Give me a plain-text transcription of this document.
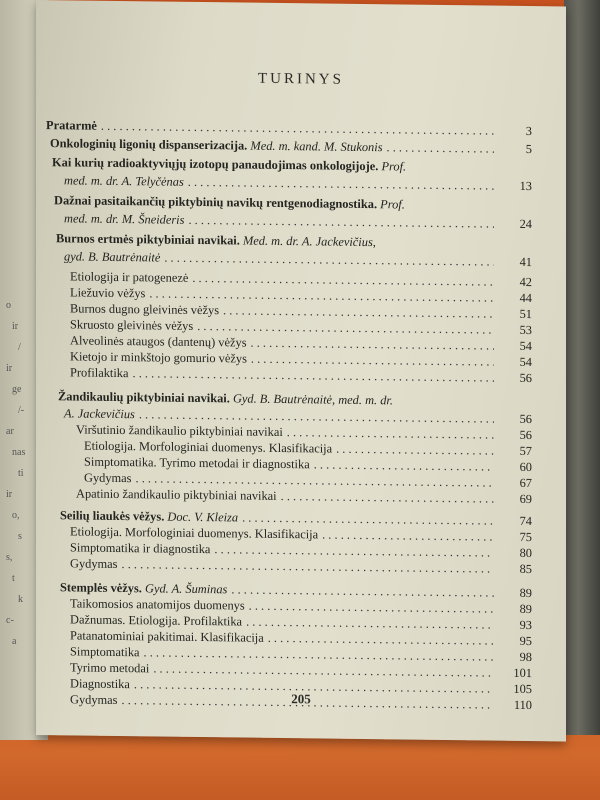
o
ir
/
ir
ge
/-
ar
nas
ti
ir
o,
s
s,
t
k
c-
a
TURINYS
Pratarmė . . .	3
Onkologinių ligonių dispanserizacija. Med. m. kand. M. Stukonis . . .	5
Kai kurių radioaktyviųjų izotopų panaudojimas onkologijoje. Prof.
med. m. dr. A. Telyčėnas . . .	13
Dažnai pasitaikančių piktybinių navikų rentgenodiagnostika. Prof.
med. m. dr. M. Šneideris . . .	24
Burnos ertmės piktybiniai navikai. Med. m. dr. A. Jackevičius,
gyd. B. Bautrėnaitė . . .	41
Etiologija ir patogenezė . . .	42
Liežuvio vėžys . . .	44
Burnos dugno gleivinės vėžys . . .	51
Skruosto gleivinės vėžys . . .	53
Alveolinės ataugos (dantenų) vėžys . . .	54
Kietojo ir minkštojo gomurio vėžys . . .	54
Profilaktika . . .	56
Žandikaulių piktybiniai navikai. Gyd. B. Bautrėnaitė, med. m. dr.
A. Jackevičius . . .	56
Viršutinio žandikaulio piktybiniai navikai . . .	56
Etiologija. Morfologiniai duomenys. Klasifikacija . . .	57
Simptomatika. Tyrimo metodai ir diagnostika . . .	60
Gydymas . . .	67
Apatinio žandikaulio piktybiniai navikai . . .	69
Seilių liaukės vėžys. Doc. V. Kleiza . . .	74
Etiologija. Morfologiniai duomenys. Klasifikacija . . .	75
Simptomatika ir diagnostika . . .	80
Gydymas . . .	85
Stemplės vėžys. Gyd. A. Šuminas . . .	89
Taikomosios anatomijos duomenys . . .	89
Dažnumas. Etiologija. Profilaktika . . .	93
Patanatominiai pakitimai. Klasifikacija . . .	95
Simptomatika . . .	98
Tyrimo metodai . . .	101
Diagnostika . . .	105
Gydymas . . .	110
205
